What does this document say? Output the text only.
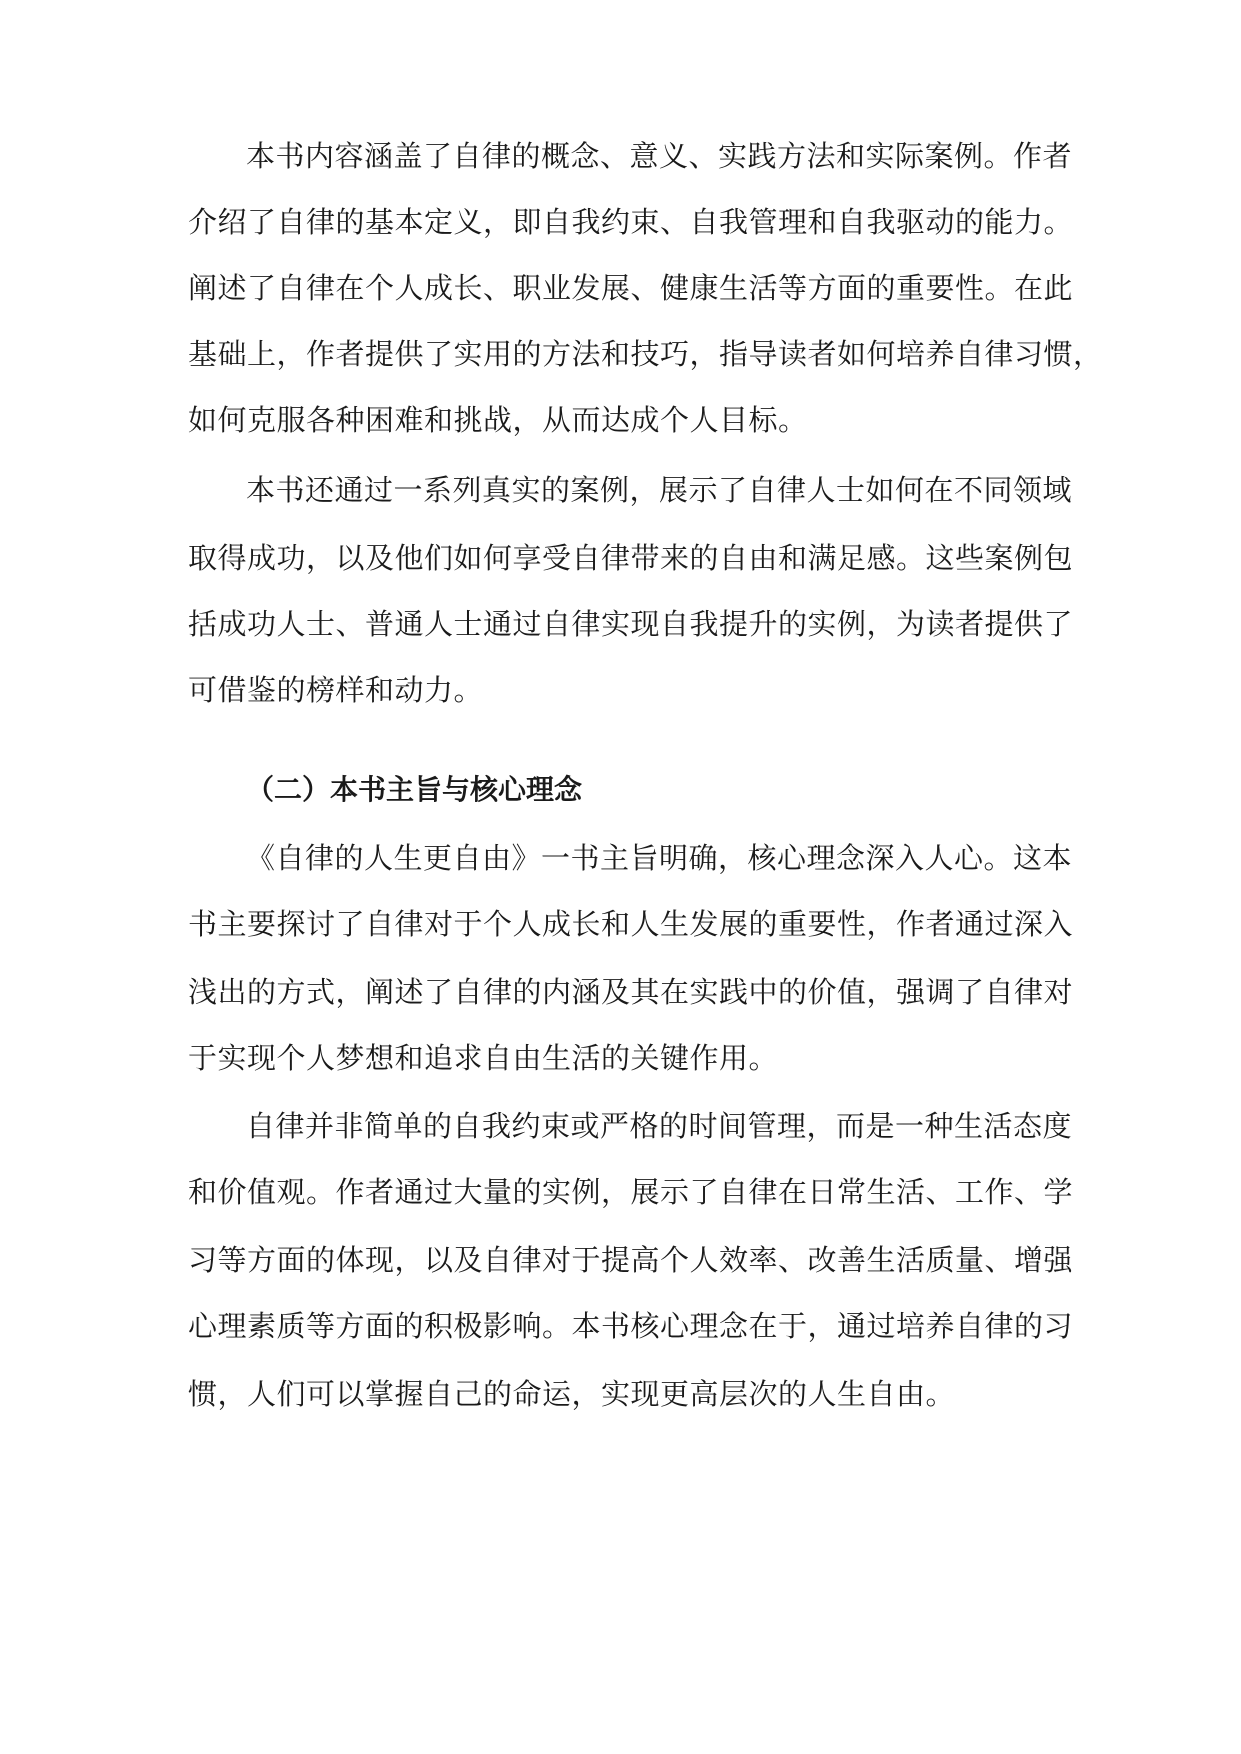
本书内容涵盖了自律的概念、意义、实践方法和实际案例。作者
介绍了自律的基本定义，即自我约束、自我管理和自我驱动的能力。
阐述了自律在个人成长、职业发展、健康生活等方面的重要性。在此
基础上，作者提供了实用的方法和技巧，指导读者如何培养自律习惯，
如何克服各种困难和挑战，从而达成个人目标。
本书还通过一系列真实的案例，展示了自律人士如何在不同领域
取得成功，以及他们如何享受自律带来的自由和满足感。这些案例包
括成功人士、普通人士通过自律实现自我提升的实例，为读者提供了
可借鉴的榜样和动力。
（二）本书主旨与核心理念
《自律的人生更自由》一书主旨明确，核心理念深入人心。这本
书主要探讨了自律对于个人成长和人生发展的重要性，作者通过深入
浅出的方式，阐述了自律的内涵及其在实践中的价值，强调了自律对
于实现个人梦想和追求自由生活的关键作用。
自律并非简单的自我约束或严格的时间管理，而是一种生活态度
和价值观。作者通过大量的实例，展示了自律在日常生活、工作、学
习等方面的体现，以及自律对于提高个人效率、改善生活质量、增强
心理素质等方面的积极影响。本书核心理念在于，通过培养自律的习
惯，人们可以掌握自己的命运，实现更高层次的人生自由。
